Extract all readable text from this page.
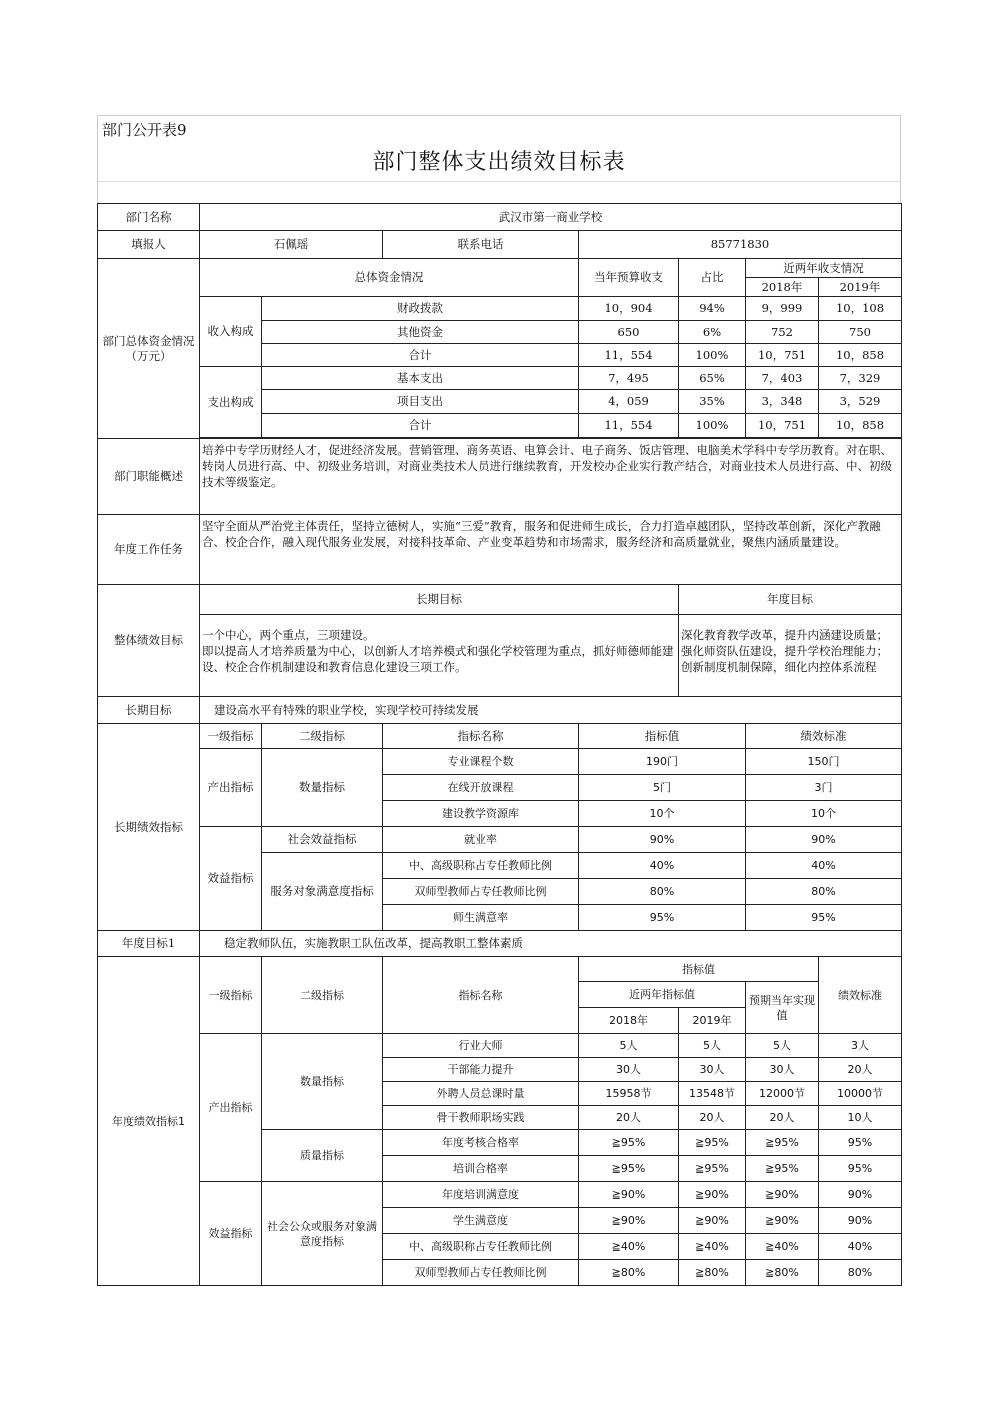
部门公开表9
部门整体支出绩效目标表
部门名称	武汉市第一商业学校						
填报人	石佩瑶		联系电话	85771830			
部门总体资金情况
（万元）	总体资金情况			当年预算收支	占比	近两年收支情况	
						2018年	2019年
	收入构成	财政拨款		10，904	94%	9，999	10，108
		其他资金		650	6%	752	750
		合计		11，554	100%	10，751	10，858
	支出构成	基本支出		7，495	65%	7，403	7，329
		项目支出		4，059	35%	3，348	3，529
		合计		11，554	100%	10，751	10，858

部门职能概述	培养中专学历财经人才，促进经济发展。营销管理、商务英语、电算会计、电子商务、饭店管理、电脑美术学科中专学历教育。对在职、转岗人员进行高、中、初级业务培训，对商业类技术人员进行继续教育，开发校办企业实行教产结合，对商业技术人员进行高、中、初级技术等级鉴定。						
年度工作任务	坚守全面从严治党主体责任，坚持立德树人，实施“三爱”教育，服务和促进师生成长，合力打造卓越团队，坚持改革创新，深化产教融合、校企合作，融入现代服务业发展，对接科技革命、产业变革趋势和市场需求，服务经济和高质量就业，聚焦内涵质量建设。						
整体绩效目标	长期目标				年度目标		
	一个中心，两个重点，三项建设。
即以提高人才培养质量为中心，以创新人才培养模式和强化学校管理为重点，抓好师德师能建设、校企合作机制建设和教育信息化建设三项工作。				深化教育教学改革，提升内涵建设质量；强化师资队伍建设，提升学校治理能力；创新制度机制保障，细化内控体系流程		
长期目标	建设高水平有特殊的职业学校，实现学校可持续发展						
长期绩效指标	一级指标	二级指标	指标名称	指标值		绩效标准	
	产出指标	数量指标	专业课程个数	190门		150门	
			在线开放课程	5门		3门	
			建设教学资源库	10个		10个	
	效益指标	社会效益指标	就业率	90%		90%	
		服务对象满意度指标	中、高级职称占专任教师比例	40%		40%	
			双师型教师占专任教师比例	80%		80%	
			师生满意率	95%		95%	
年度目标1	稳定教师队伍，实施教职工队伍改革，提高教职工整体素质						
年度绩效指标1	一级指标	二级指标	指标名称	指标值			绩效标准
				近两年指标值		预期当年实现值	
				2018年	2019年		
	产出指标	数量指标	行业大师	5人	5人	5人	3人
			干部能力提升	30人	30人	30人	20人
			外聘人员总课时量	15958节	13548节	12000节	10000节
			骨干教师职场实践	20人	20人	20人	10人
		质量指标	年度考核合格率	≧95%	≧95%	≧95%	95%
			培训合格率	≧95%	≧95%	≧95%	95%
	效益指标	社会公众或服务对象满意度指标	年度培训满意度	≧90%	≧90%	≧90%	90%
			学生满意度	≧90%	≧90%	≧90%	90%
			中、高级职称占专任教师比例	≧40%	≧40%	≧40%	40%
			双师型教师占专任教师比例	≧80%	≧80%	≧80%	80%
